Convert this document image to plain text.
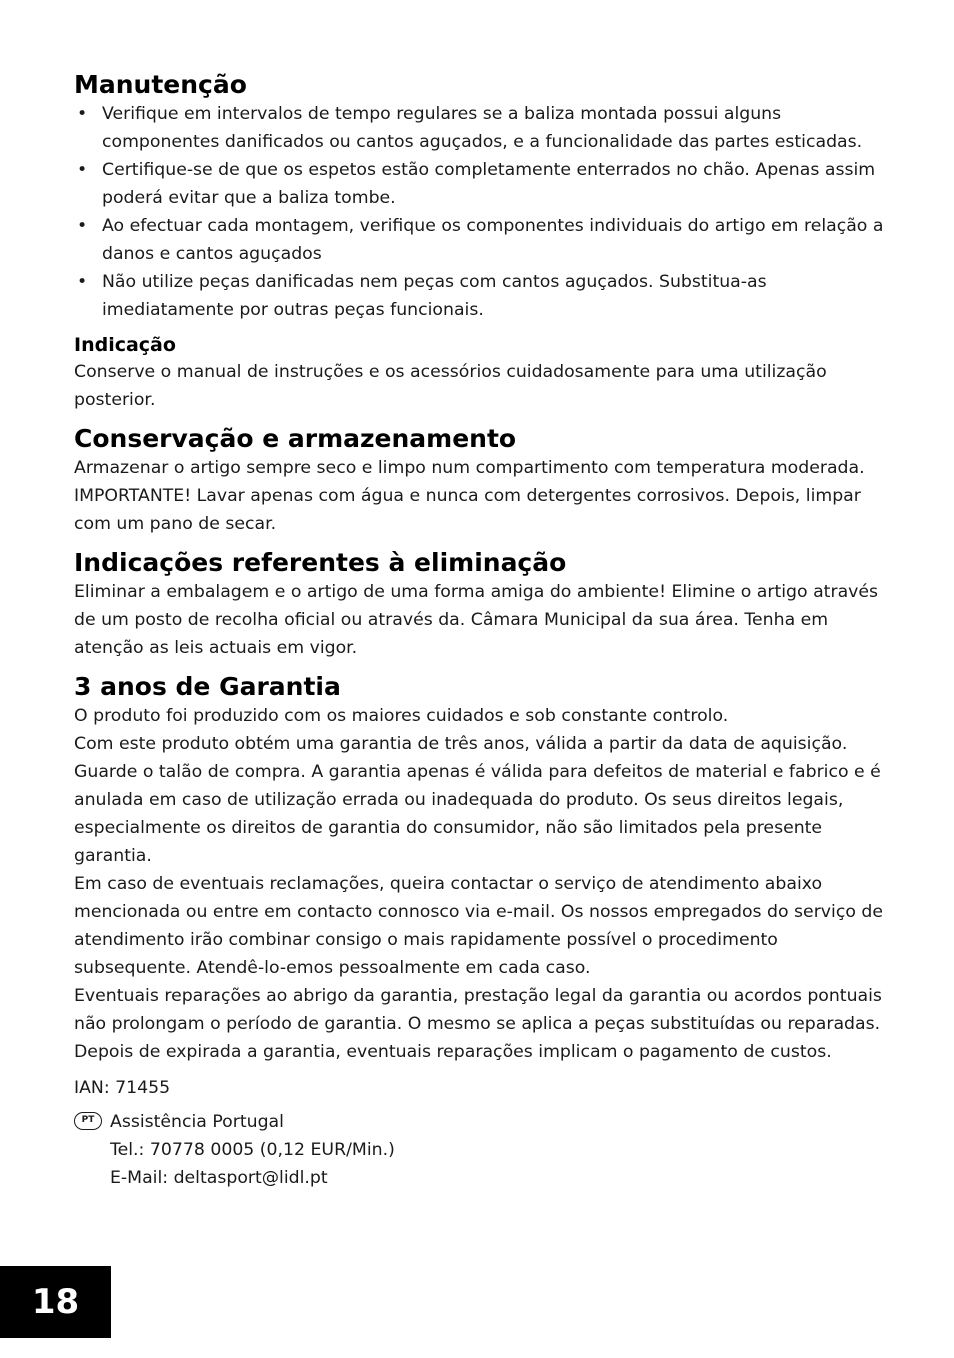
Manutenção
• Verifique em intervalos de tempo regulares se a baliza montada possui alguns componentes danificados ou cantos aguçados, e a funcionalidade das partes esticadas.
• Certifique-se de que os espetos estão completamente enterrados no chão. Apenas assim poderá evitar que a baliza tombe.
• Ao efectuar cada montagem, verifique os componentes individuais do artigo em relação a danos e cantos aguçados
• Não utilize peças danificadas nem peças com cantos aguçados. Substitua-as imediatamente por outras peças funcionais.
Indicação

Conserve o manual de instruções e os acessórios cuidadosamente para uma utilização posterior.

Conservação e armazenamento

Armazenar o artigo sempre seco e limpo num compartimento com temperatura moderada. IMPORTANTE! Lavar apenas com água e nunca com detergentes corrosivos. Depois, limpar com um pano de secar.

Indicações referentes à eliminação

Eliminar a embalagem e o artigo de uma forma amiga do ambiente! Elimine o artigo através de um posto de recolha oficial ou através da. Câmara Municipal da sua área. Tenha em atenção as leis actuais em vigor.

3 anos de Garantia

O produto foi produzido com os maiores cuidados e sob constante controlo.

Com este produto obtém uma garantia de três anos, válida a partir da data de aquisição. Guarde o talão de compra. A garantia apenas é válida para defeitos de material e fabrico e é anulada em caso de utilização errada ou inadequada do produto. Os seus direitos legais, especialmente os direitos de garantia do consumidor, não são limitados pela presente garantia.

Em caso de eventuais reclamações, queira contactar o serviço de atendimento abaixo mencionada ou entre em contacto connosco via e-mail. Os nossos empregados do serviço de atendimento irão combinar consigo o mais rapidamente possível o procedimento subsequente. Atendê-lo-emos pessoalmente em cada caso.

Eventuais reparações ao abrigo da garantia, prestação legal da garantia ou acordos pontuais não prolongam o período de garantia. O mesmo se aplica a peças substituídas ou reparadas. Depois de expirada a garantia, eventuais reparações implicam o pagamento de custos.

IAN: 71455

PT Assistência Portugal

Tel.: 70778 0005 (0,12 EUR/Min.)

E-Mail: deltasport@lidl.pt

18
